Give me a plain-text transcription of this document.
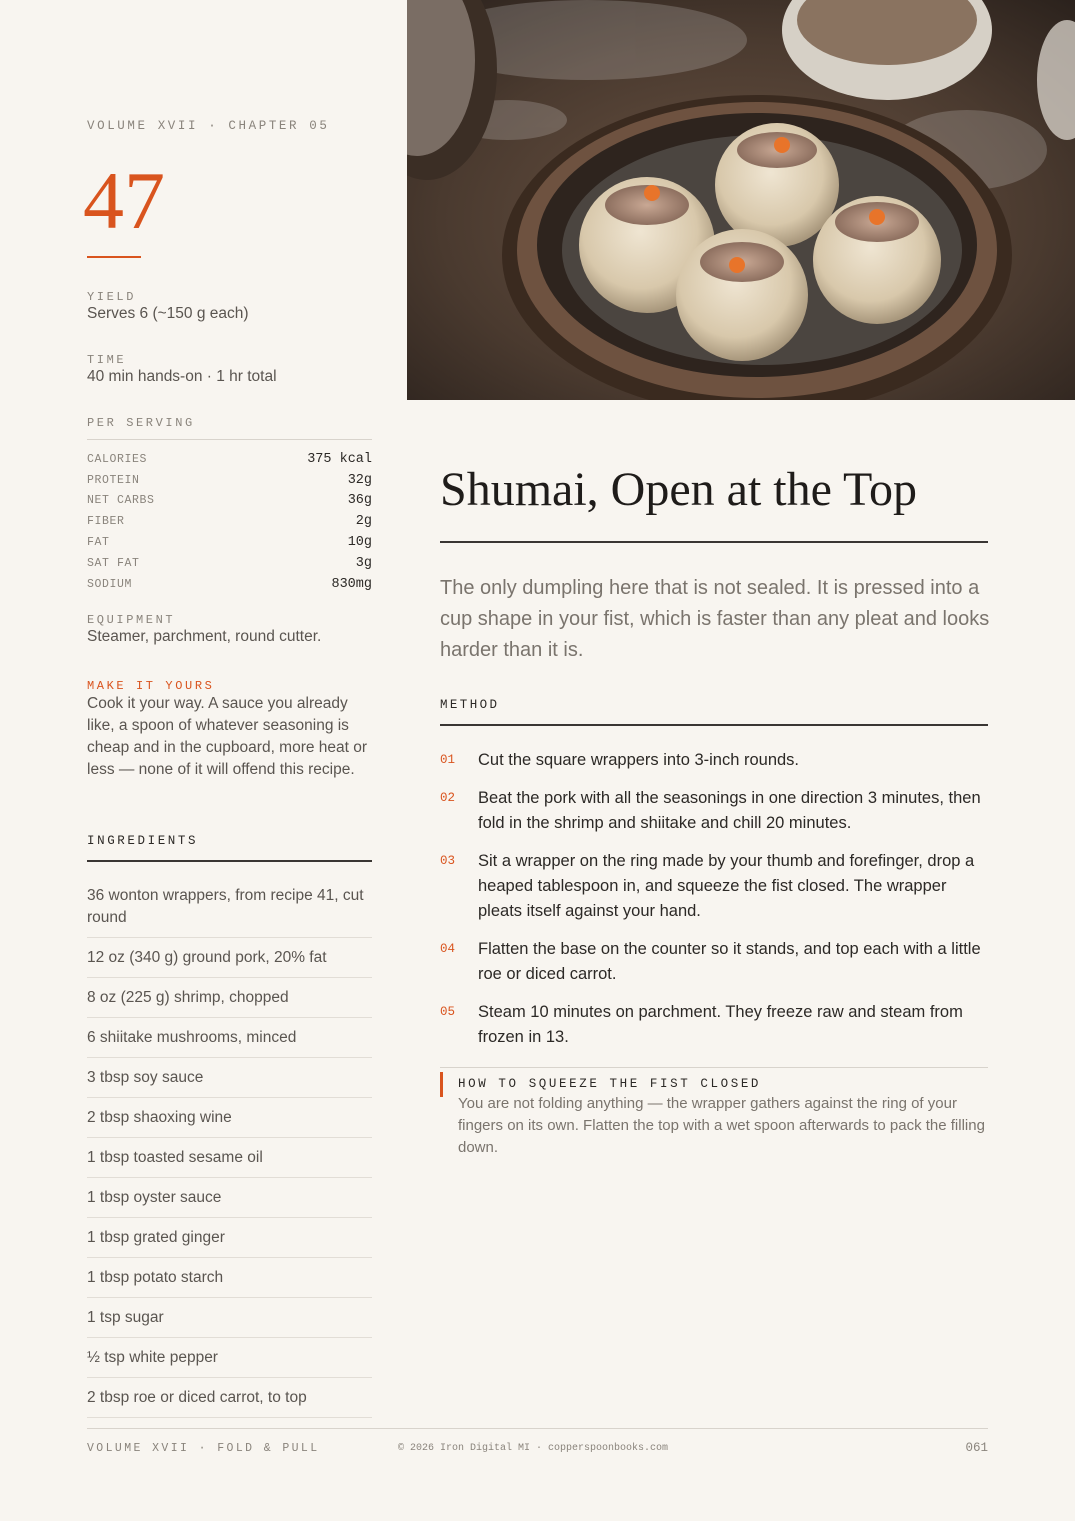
VOLUME XVII · CHAPTER 05
47
YIELD
Serves 6 (~150 g each)
TIME
40 min hands-on · 1 hr total
PER SERVING
CALORIES	375 kcal
PROTEIN	32g
NET CARBS	36g
FIBER	2g
FAT	10g
SAT FAT	3g
SODIUM	830mg
EQUIPMENT
Steamer, parchment, round cutter.
MAKE IT YOURS
Cook it your way. A sauce you already like, a spoon of whatever seasoning is cheap and in the cupboard, more heat or less — none of it will offend this recipe.
INGREDIENTS
36 wonton wrappers, from recipe 41, cut round
12 oz (340 g) ground pork, 20% fat
8 oz (225 g) shrimp, chopped
6 shiitake mushrooms, minced
3 tbsp soy sauce
2 tbsp shaoxing wine
1 tbsp toasted sesame oil
1 tbsp oyster sauce
1 tbsp grated ginger
1 tbsp potato starch
1 tsp sugar
½ tsp white pepper
2 tbsp roe or diced carrot, to top
Shumai, Open at the Top

The only dumpling here that is not sealed. It is pressed into a cup shape in your fist, which is faster than any pleat and looks harder than it is.

METHOD
01	Cut the square wrappers into 3-inch rounds.
02	Beat the pork with all the seasonings in one direction 3 minutes, then fold in the shrimp and shiitake and chill 20 minutes.
03	Sit a wrapper on the ring made by your thumb and forefinger, drop a heaped tablespoon in, and squeeze the fist closed. The wrapper pleats itself against your hand.
04	Flatten the base on the counter so it stands, and top each with a little roe or diced carrot.
05	Steam 10 minutes on parchment. They freeze raw and steam from frozen in 13.
HOW TO SQUEEZE THE FIST CLOSED
You are not folding anything — the wrapper gathers against the ring of your fingers on its own. Flatten the top with a wet spoon afterwards to pack the filling down.
VOLUME XVII · FOLD & PULL	© 2026 Iron Digital MI · copperspoonbooks.com	061
